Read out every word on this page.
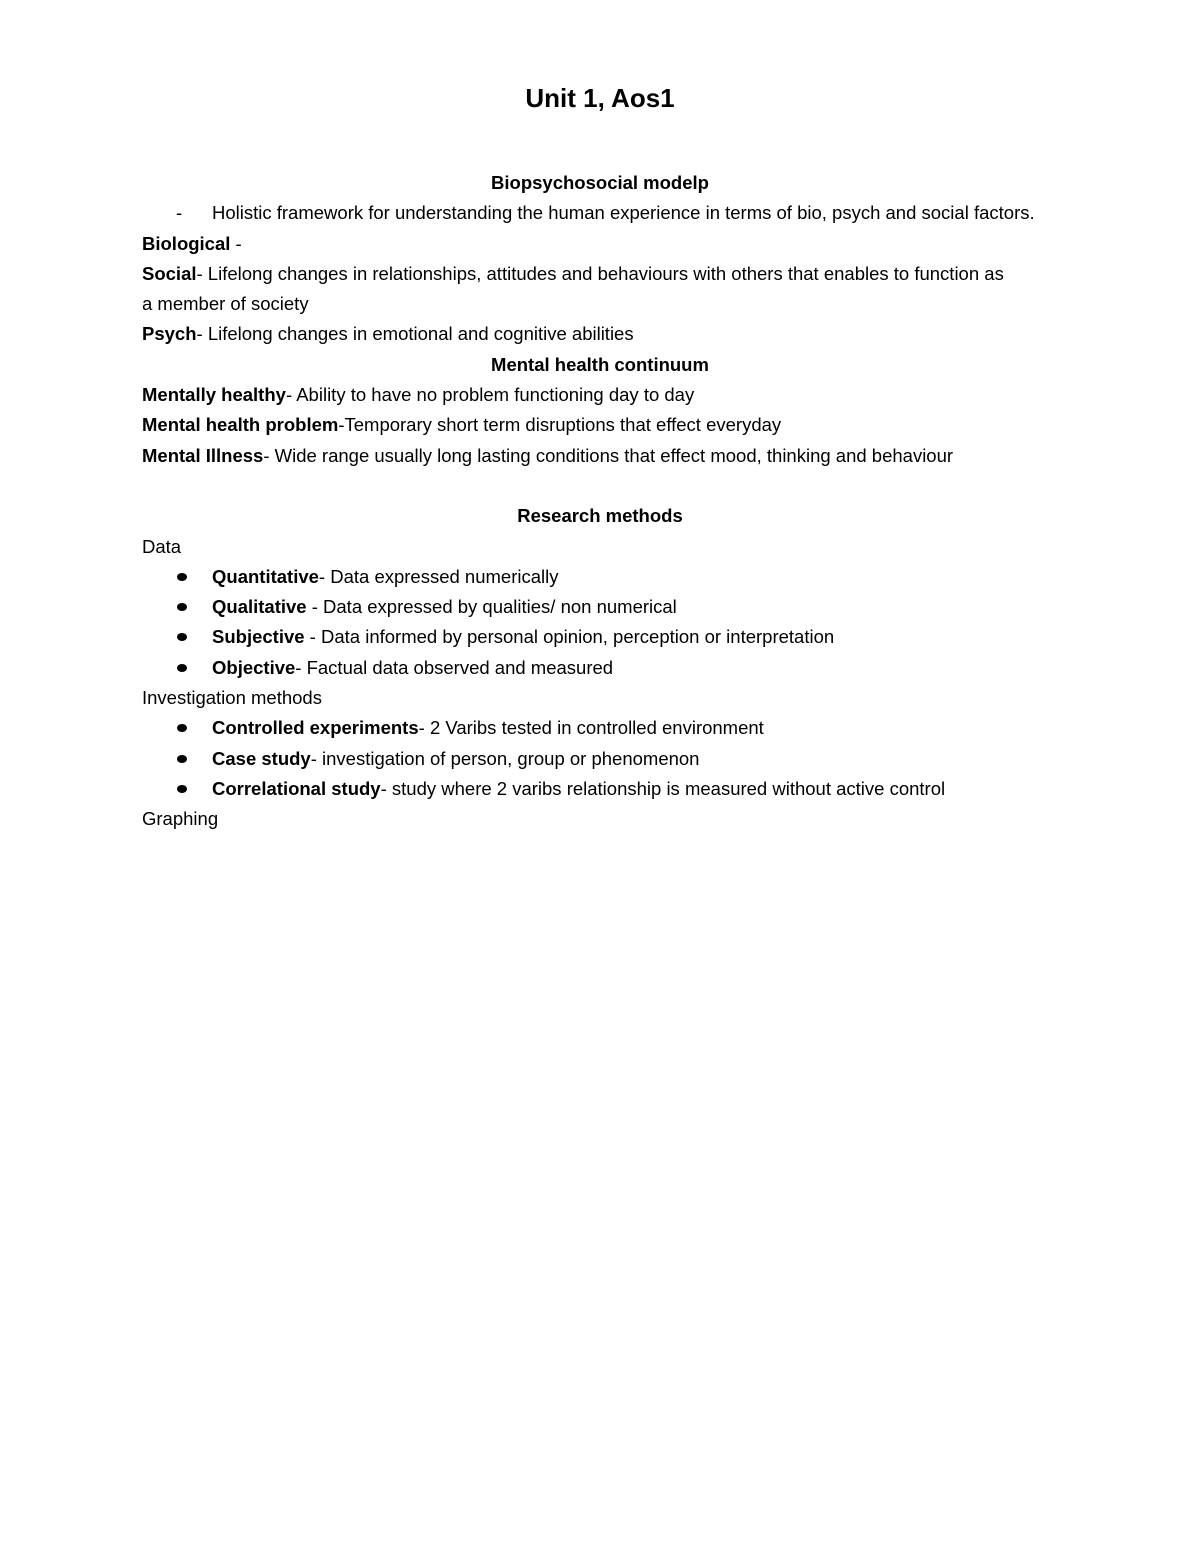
Unit 1, Aos1

Biopsychosocial modelp

- Holistic framework for understanding the human experience in terms of bio, psych and social factors.

Biological -

Social- Lifelong changes in relationships, attitudes and behaviours with others that enables to function as

a member of society

Psych- Lifelong changes in emotional and cognitive abilities

Mental health continuum

Mentally healthy- Ability to have no problem functioning day to day

Mental health problem-Temporary short term disruptions that effect everyday

Mental Illness- Wide range usually long lasting conditions that effect mood, thinking and behaviour

Research methods

Data

Quantitative- Data expressed numerically

Qualitative - Data expressed by qualities/ non numerical

Subjective - Data informed by personal opinion, perception or interpretation

Objective- Factual data observed and measured

Investigation methods

Controlled experiments- 2 Varibs tested in controlled environment

Case study- investigation of person, group or phenomenon

Correlational study- study where 2 varibs relationship is measured without active control

Graphing
